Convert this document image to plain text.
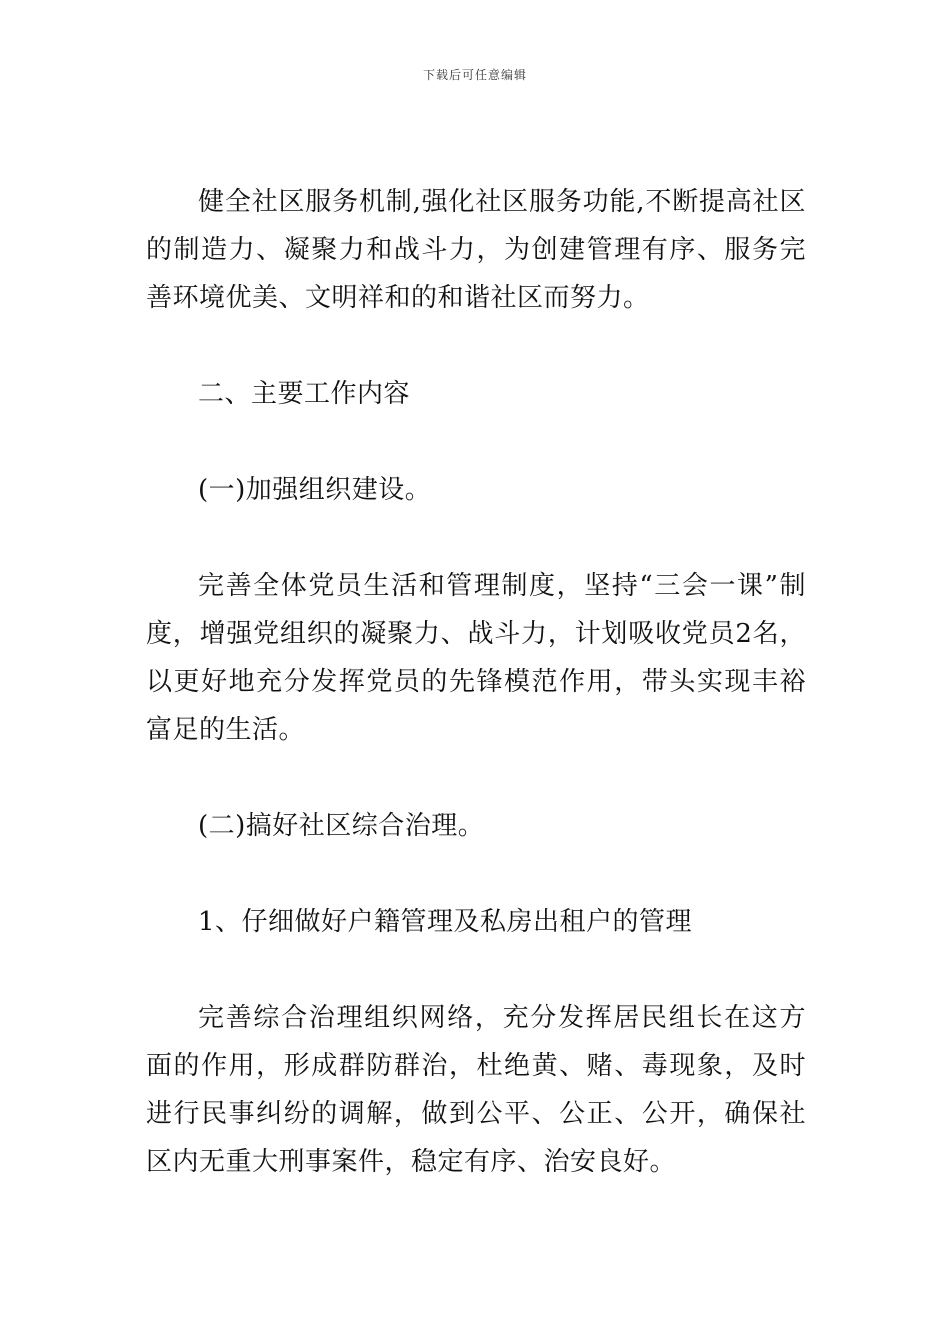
下载后可任意编辑

健全社区服务机制,强化社区服务功能,不断提高社区的制造力、凝聚力和战斗力，为创建管理有序、服务完善环境优美、文明祥和的和谐社区而努力。

二、主要工作内容

(一)加强组织建设。

完善全体党员生活和管理制度，坚持“三会一课”制度，增强党组织的凝聚力、战斗力，计划吸收党员2名，以更好地充分发挥党员的先锋模范作用，带头实现丰裕富足的生活。

(二)搞好社区综合治理。

1、仔细做好户籍管理及私房出租户的管理

完善综合治理组织网络，充分发挥居民组长在这方面的作用，形成群防群治，杜绝黄、赌、毒现象，及时进行民事纠纷的调解，做到公平、公正、公开，确保社区内无重大刑事案件，稳定有序、治安良好。
